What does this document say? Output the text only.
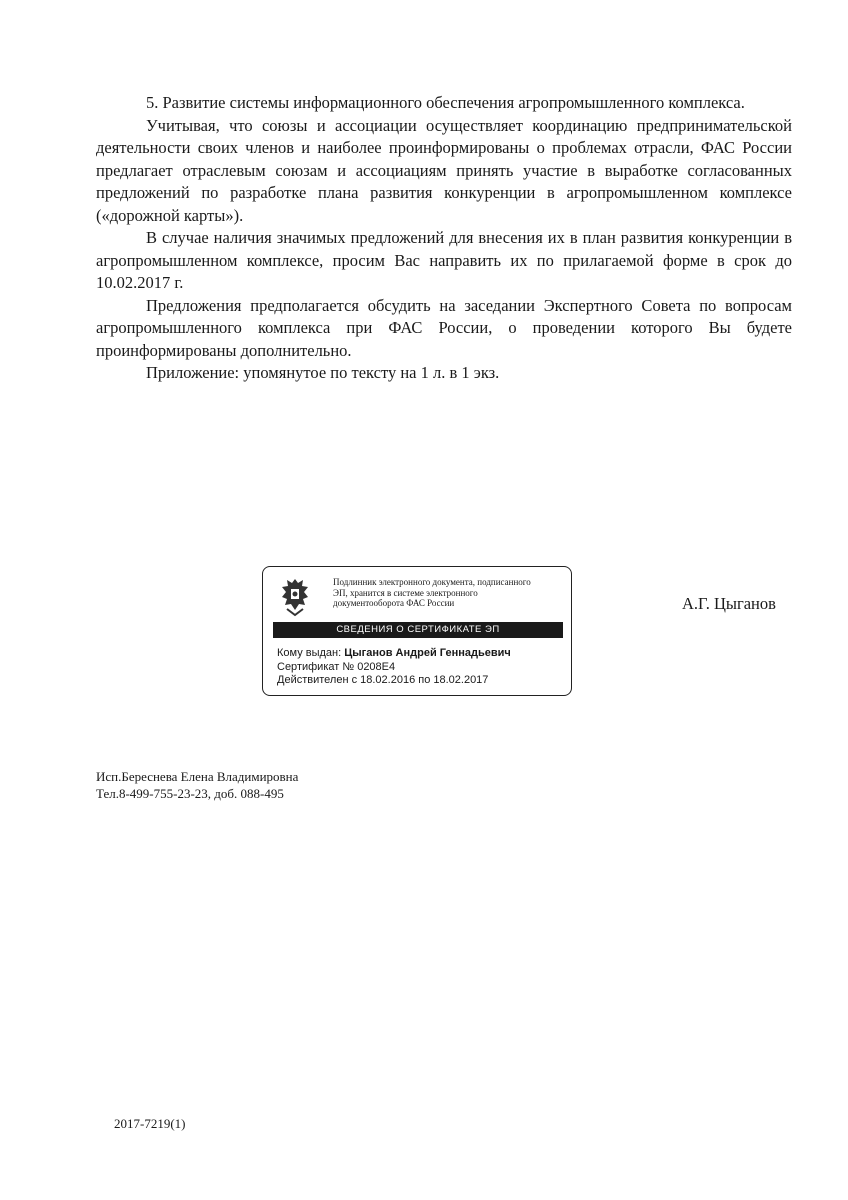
5. Развитие системы информационного обеспечения агропромышленного комплекса.

Учитывая, что союзы и ассоциации осуществляет координацию предпринимательской деятельности своих членов и наиболее проинформированы о проблемах отрасли, ФАС России предлагает отраслевым союзам и ассоциациям принять участие в выработке согласованных предложений по разработке плана развития конкуренции в агропромышленном комплексе («дорожной карты»).

В случае наличия значимых предложений для внесения их в план развития конкуренции в агропромышленном комплексе, просим Вас направить их по прилагаемой форме в срок до 10.02.2017 г.

Предложения предполагается обсудить на заседании Экспертного Совета по вопросам агропромышленного комплекса при ФАС России, о проведении которого Вы будете проинформированы дополнительно.

Приложение: упомянутое по тексту на 1 л. в 1 экз.

Подлинник электронного документа, подписанного
ЭП, хранится в системе электронного
документооборота ФАС России
СВЕДЕНИЯ О СЕРТИФИКАТЕ ЭП
Кому выдан: Цыганов Андрей Геннадьевич
Сертификат № 0208E4
Действителен с 18.02.2016 по 18.02.2017
А.Г. Цыганов
Исп.Береснева Елена Владимировна
Тел.8-499-755-23-23, доб. 088-495
2017-7219(1)
